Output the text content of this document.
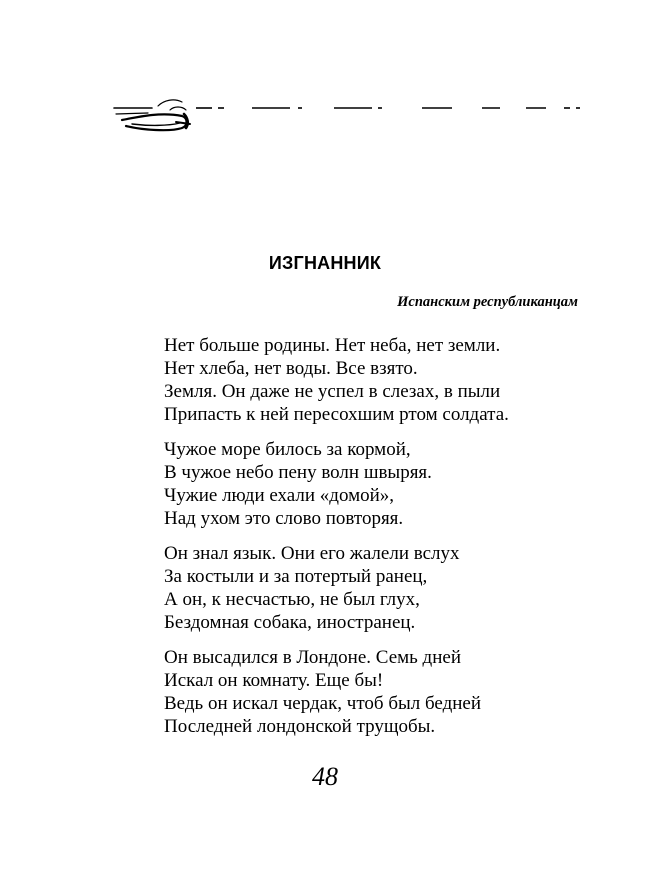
ИЗГНАННИК
Испанским республиканцам
Нет больше родины. Нет неба, нет земли.
Нет хлеба, нет воды. Все взято.
Земля. Он даже не успел в слезах, в пыли
Припасть к ней пересохшим ртом солдата.
Чужое море билось за кормой,
В чужое небо пену волн швыряя.
Чужие люди ехали «домой»,
Над ухом это слово повторяя.
Он знал язык. Они его жалели вслух
За костыли и за потертый ранец,
А он, к несчастью, не был глух,
Бездомная собака, иностранец.
Он высадился в Лондоне. Семь дней
Искал он комнату. Еще бы!
Ведь он искал чердак, чтоб был бедней
Последней лондонской трущобы.
48
